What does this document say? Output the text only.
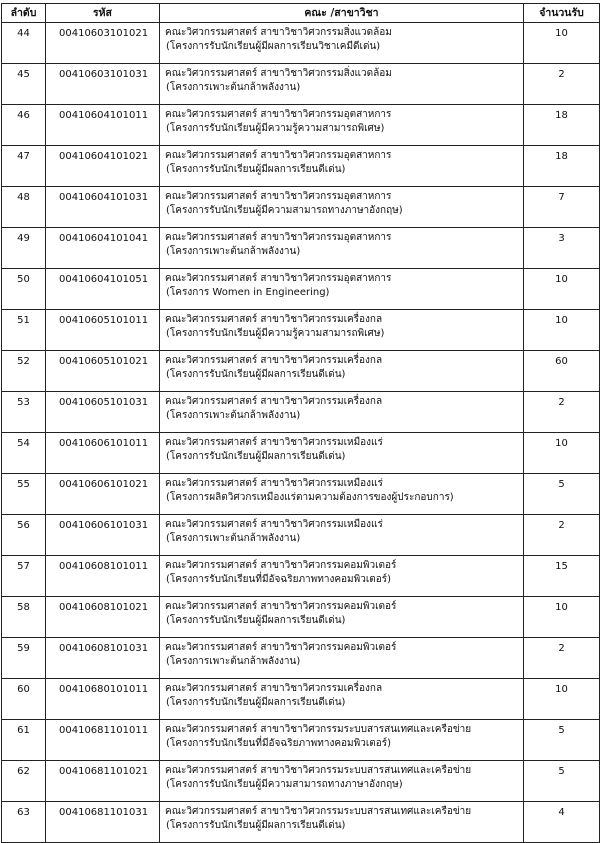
ลำดับ	รหัส	คณะ /สาขาวิชา	จำนวนรับ
44	00410603101021	คณะวิศวกรรมศาสตร์ สาขาวิชาวิศวกรรมสิ่งแวดล้อม
(โครงการรับนักเรียนผู้มีผลการเรียนวิชาเคมีดีเด่น)	10
45	00410603101031	คณะวิศวกรรมศาสตร์ สาขาวิชาวิศวกรรมสิ่งแวดล้อม
(โครงการเพาะต้นกล้าพลังงาน)	2
46	00410604101011	คณะวิศวกรรมศาสตร์ สาขาวิชาวิศวกรรมอุตสาหการ
(โครงการรับนักเรียนผู้มีความรู้ความสามารถพิเศษ)	18
47	00410604101021	คณะวิศวกรรมศาสตร์ สาขาวิชาวิศวกรรมอุตสาหการ
(โครงการรับนักเรียนผู้มีผลการเรียนดีเด่น)	18
48	00410604101031	คณะวิศวกรรมศาสตร์ สาขาวิชาวิศวกรรมอุตสาหการ
(โครงการรับนักเรียนผู้มีความสามารถทางภาษาอังกฤษ)	7
49	00410604101041	คณะวิศวกรรมศาสตร์ สาขาวิชาวิศวกรรมอุตสาหการ
(โครงการเพาะต้นกล้าพลังงาน)	3
50	00410604101051	คณะวิศวกรรมศาสตร์ สาขาวิชาวิศวกรรมอุตสาหการ
(โครงการ Women in Engineering)	10
51	00410605101011	คณะวิศวกรรมศาสตร์ สาขาวิชาวิศวกรรมเครื่องกล
(โครงการรับนักเรียนผู้มีความรู้ความสามารถพิเศษ)	10
52	00410605101021	คณะวิศวกรรมศาสตร์ สาขาวิชาวิศวกรรมเครื่องกล
(โครงการรับนักเรียนผู้มีผลการเรียนดีเด่น)	60
53	00410605101031	คณะวิศวกรรมศาสตร์ สาขาวิชาวิศวกรรมเครื่องกล
(โครงการเพาะต้นกล้าพลังงาน)	2
54	00410606101011	คณะวิศวกรรมศาสตร์ สาขาวิชาวิศวกรรมเหมืองแร่
(โครงการรับนักเรียนผู้มีผลการเรียนดีเด่น)	10
55	00410606101021	คณะวิศวกรรมศาสตร์ สาขาวิชาวิศวกรรมเหมืองแร่
(โครงการผลิตวิศวกรเหมืองแร่ตามความต้องการของผู้ประกอบการ)	5
56	00410606101031	คณะวิศวกรรมศาสตร์ สาขาวิชาวิศวกรรมเหมืองแร่
(โครงการเพาะต้นกล้าพลังงาน)	2
57	00410608101011	คณะวิศวกรรมศาสตร์ สาขาวิชาวิศวกรรมคอมพิวเตอร์
(โครงการรับนักเรียนที่มีอัจฉริยภาพทางคอมพิวเตอร์)	15
58	00410608101021	คณะวิศวกรรมศาสตร์ สาขาวิชาวิศวกรรมคอมพิวเตอร์
(โครงการรับนักเรียนผู้มีผลการเรียนดีเด่น)	10
59	00410608101031	คณะวิศวกรรมศาสตร์ สาขาวิชาวิศวกรรมคอมพิวเตอร์
(โครงการเพาะต้นกล้าพลังงาน)	2
60	00410680101011	คณะวิศวกรรมศาสตร์ สาขาวิชาวิศวกรรมเครื่องกล
(โครงการรับนักเรียนผู้มีผลการเรียนดีเด่น)	10
61	00410681101011	คณะวิศวกรรมศาสตร์ สาขาวิชาวิศวกรรมระบบสารสนเทศและเครือข่าย
(โครงการรับนักเรียนที่มีอัจฉริยภาพทางคอมพิวเตอร์)	5
62	00410681101021	คณะวิศวกรรมศาสตร์ สาขาวิชาวิศวกรรมระบบสารสนเทศและเครือข่าย
(โครงการรับนักเรียนผู้มีความสามารถทางภาษาอังกฤษ)	5
63	00410681101031	คณะวิศวกรรมศาสตร์ สาขาวิชาวิศวกรรมระบบสารสนเทศและเครือข่าย
(โครงการรับนักเรียนผู้มีผลการเรียนดีเด่น)	4
